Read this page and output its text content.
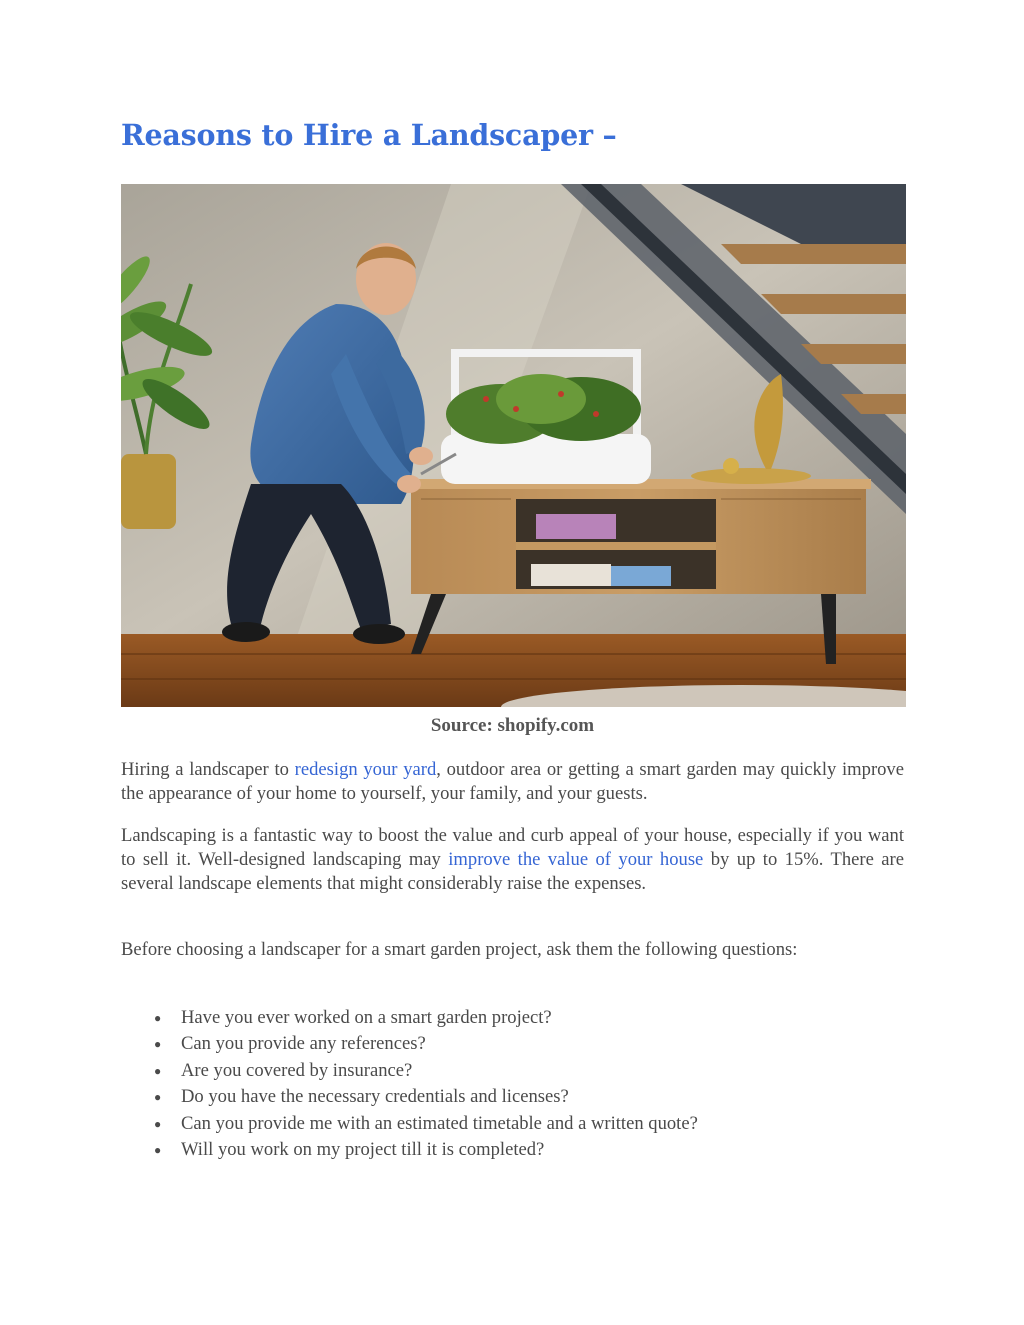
Reasons to Hire a Landscaper –
Source: shopify.com

Hiring a landscaper to redesign your yard, outdoor area or getting a smart garden may quickly improve the appearance of your home to yourself, your family, and your guests.

Landscaping is a fantastic way to boost the value and curb appeal of your house, especially if you want to sell it. Well-designed landscaping may improve the value of your house by up to 15%. There are several landscape elements that might considerably raise the expenses.

Before choosing a landscaper for a smart garden project, ask them the following questions:

● Have you ever worked on a smart garden project?
● Can you provide any references?
● Are you covered by insurance?
● Do you have the necessary credentials and licenses?
● Can you provide me with an estimated timetable and a written quote?
● Will you work on my project till it is completed?
